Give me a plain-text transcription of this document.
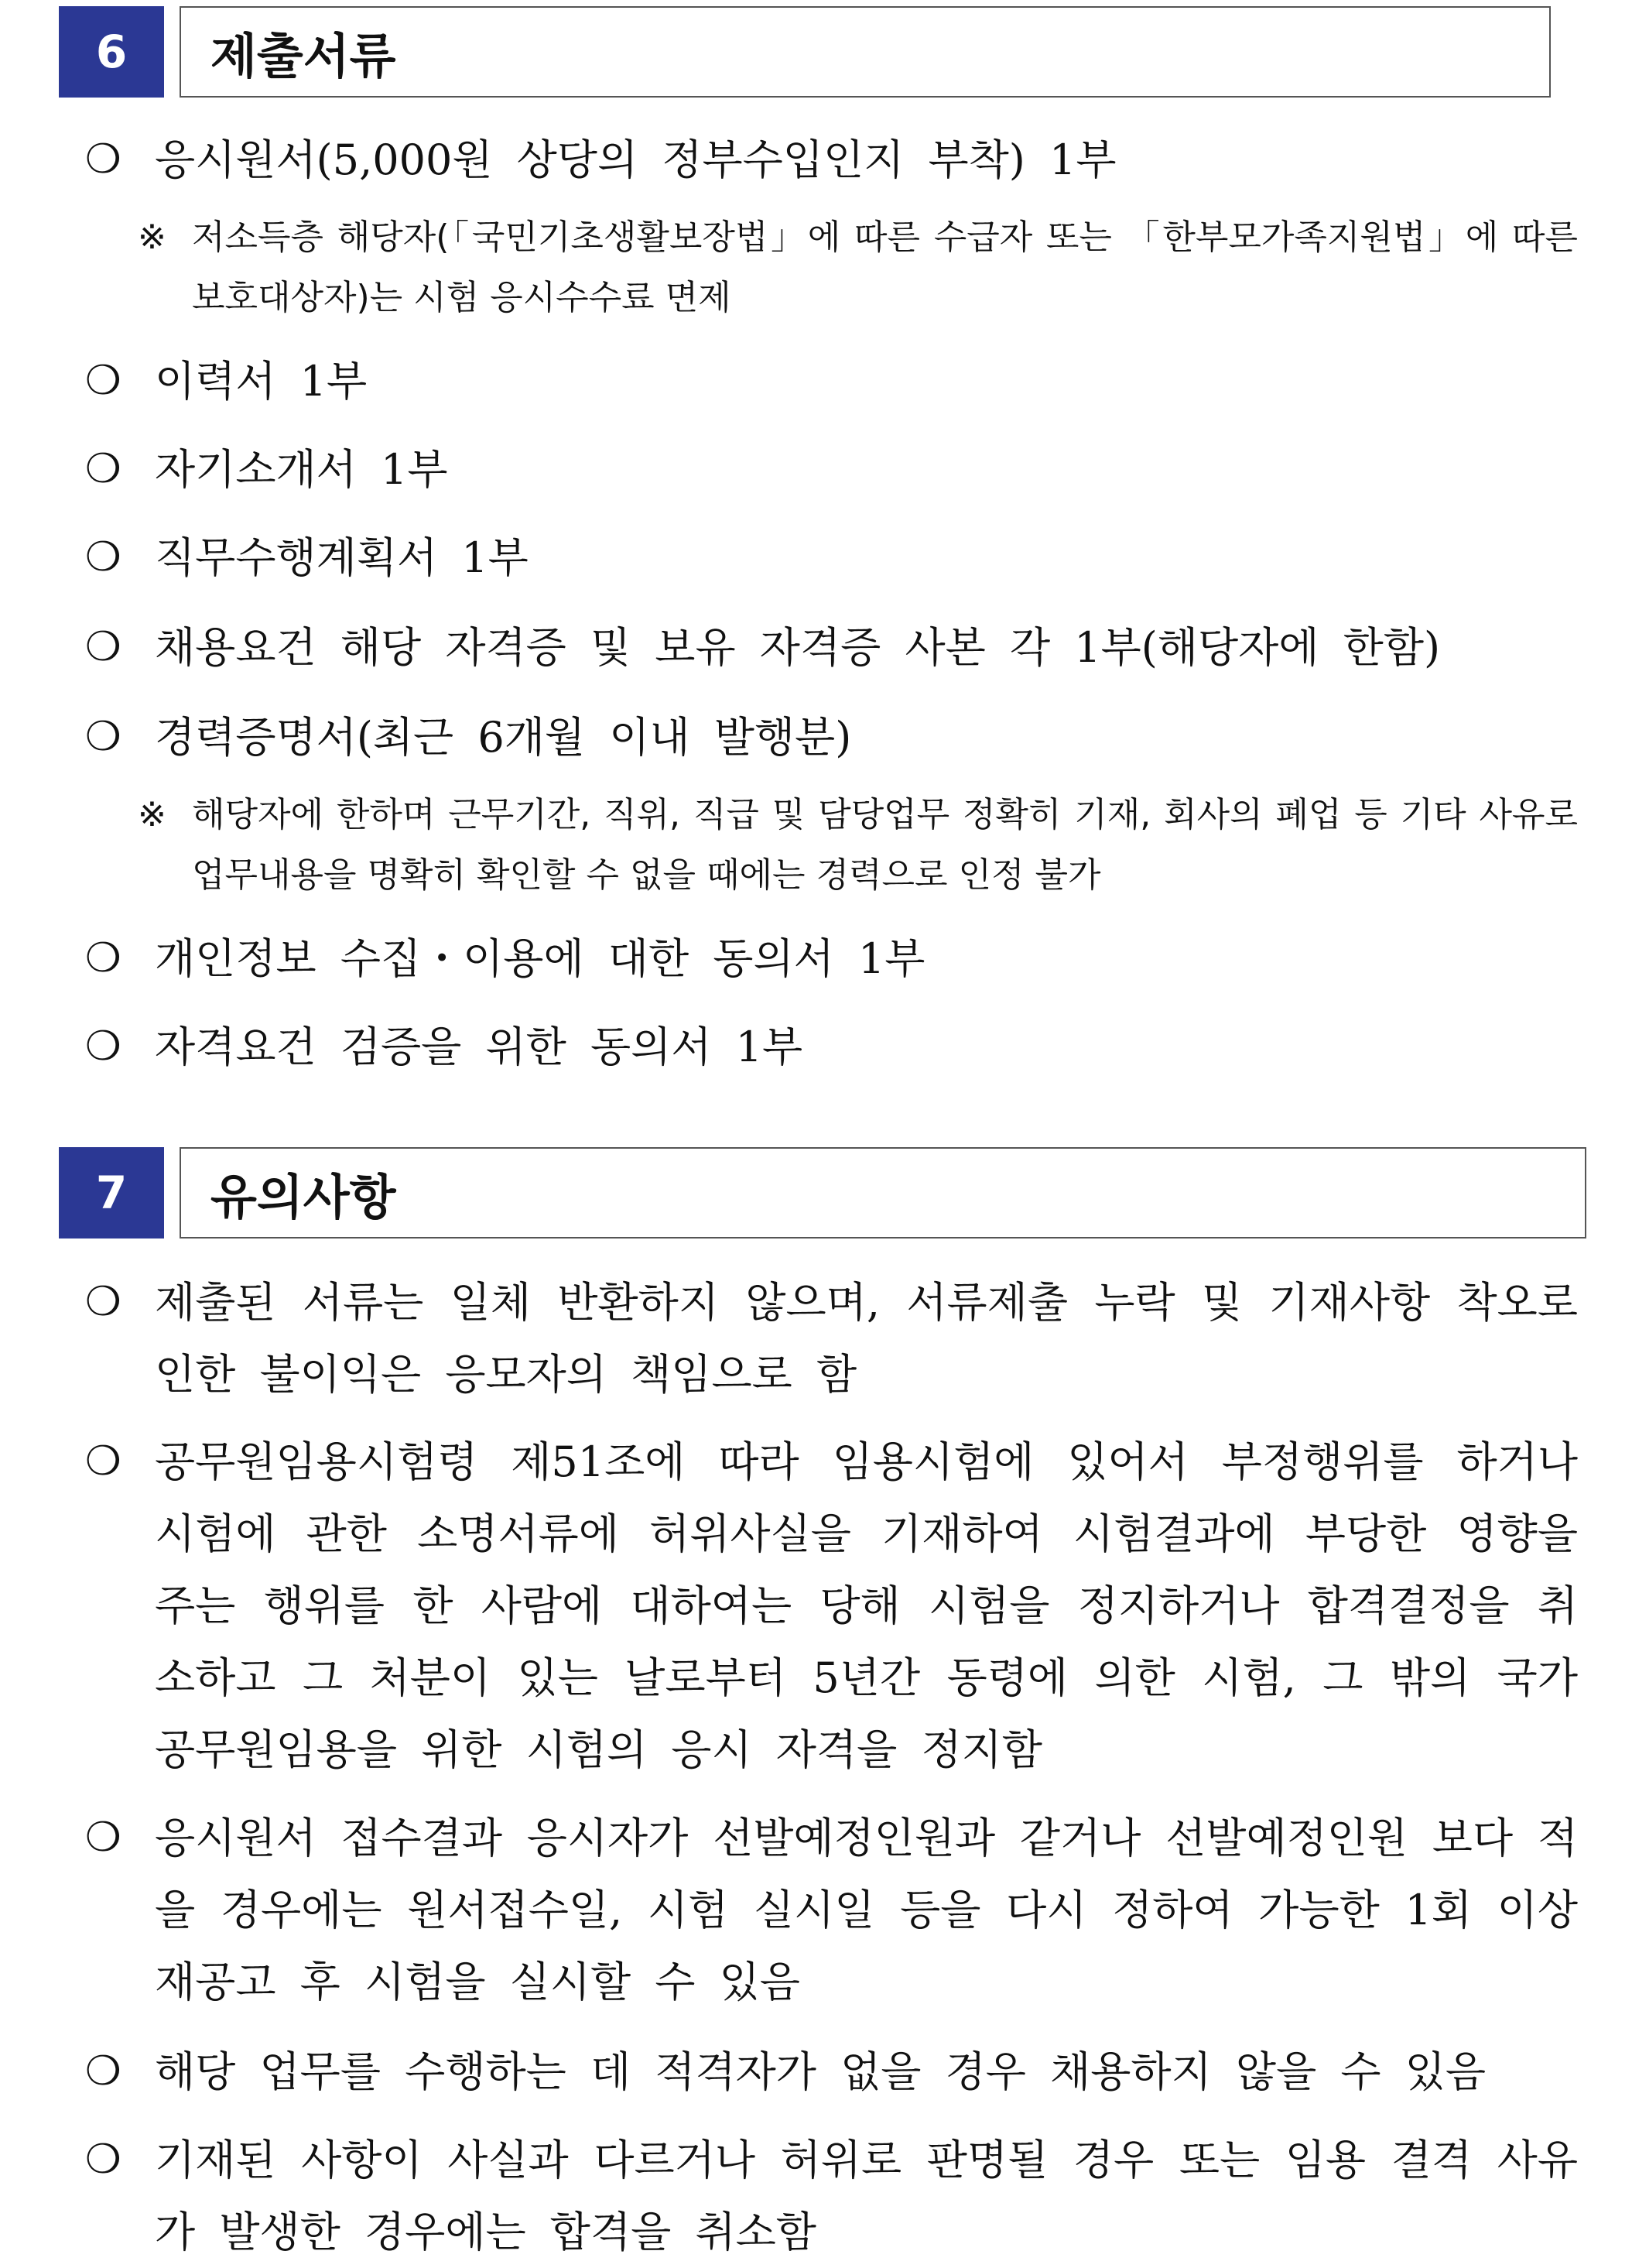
6	제출서류
❍ 응시원서(5,000원 상당의 정부수입인지 부착) 1부
※ 저소득층 해당자(「국민기초생활보장법」에 따른 수급자 또는 「한부모가족지원법」에 따른 보호대상자)는 시험 응시수수료 면제
❍ 이력서 1부
❍ 자기소개서 1부
❍ 직무수행계획서 1부
❍ 채용요건 해당 자격증 및 보유 자격증 사본 각 1부(해당자에 한함)
❍ 경력증명서(최근 6개월 이내 발행분)
※ 해당자에 한하며 근무기간, 직위, 직급 및 담당업무 정확히 기재, 회사의 폐업 등 기타 사유로 업무내용을 명확히 확인할 수 없을 때에는 경력으로 인정 불가
❍ 개인정보 수집・이용에 대한 동의서 1부
❍ 자격요건 검증을 위한 동의서 1부
7	유의사항
❍ 제출된 서류는 일체 반환하지 않으며, 서류제출 누락 및 기재사항 착오로 인한 불이익은 응모자의 책임으로 함
❍ 공무원임용시험령 제51조에 따라 임용시험에 있어서 부정행위를 하거나 시험에 관한 소명서류에 허위사실을 기재하여 시험결과에 부당한 영향을 주는 행위를 한 사람에 대하여는 당해 시험을 정지하거나 합격결정을 취소하고 그 처분이 있는 날로부터 5년간 동령에 의한 시험, 그 밖의 국가공무원임용을 위한 시험의 응시 자격을 정지함
❍ 응시원서 접수결과 응시자가 선발예정인원과 같거나 선발예정인원 보다 적을 경우에는 원서접수일, 시험 실시일 등을 다시 정하여 가능한 1회 이상 재공고 후 시험을 실시할 수 있음
❍ 해당 업무를 수행하는 데 적격자가 없을 경우 채용하지 않을 수 있음
❍ 기재된 사항이 사실과 다르거나 허위로 판명될 경우 또는 임용 결격 사유가 발생한 경우에는 합격을 취소함
